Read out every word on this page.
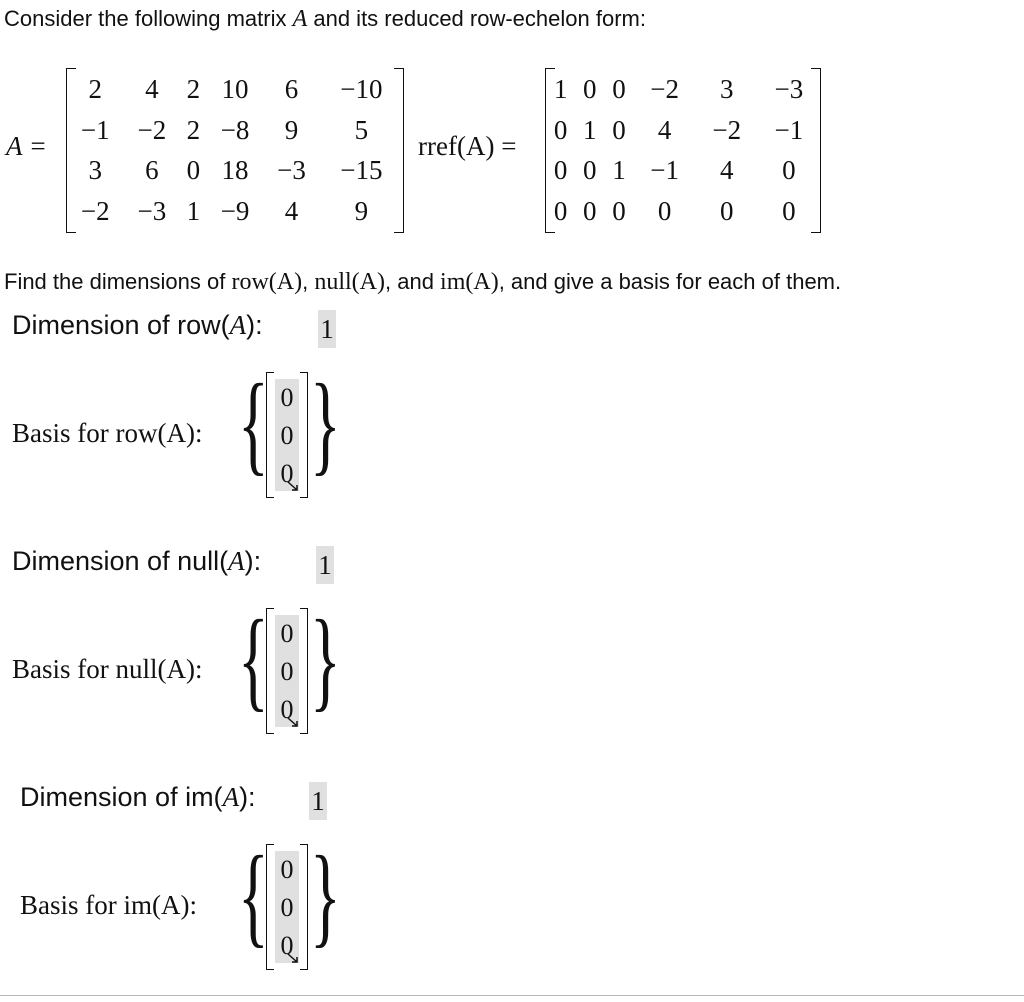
Consider the following matrix A and its reduced row-echelon form:
A =
2	4	2	10	6	−10
−1	−2	2	−8	9	5
3	6	0	18	−3	−15
−2	−3	1	−9	4	9
rref(A) =
1	0	0	−2	3	−3
0	1	0	4	−2	−1
0	0	1	−1	4	0
0	0	0	0	0	0
Find the dimensions of row(A), null(A), and im(A), and give a basis for each of them.
Dimension of row(A): 1
Basis for row(A): { 0
0
0 }
Dimension of null(A): 1
Basis for null(A): { 0
0
0 }
Dimension of im(A): 1
Basis for im(A): { 0
0
0 }
